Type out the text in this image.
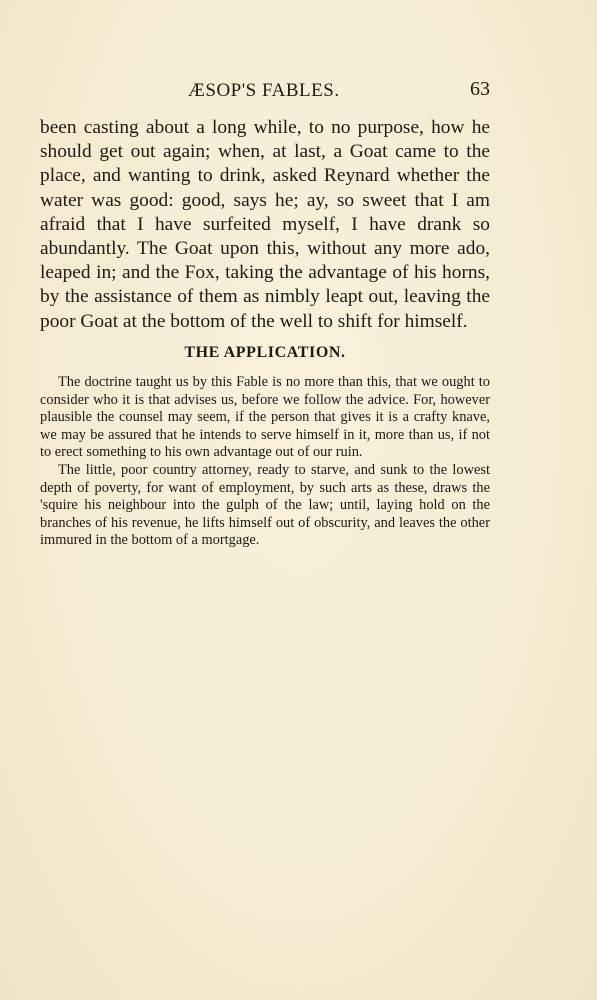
ÆSOP'S FABLES.	63

been casting about a long while, to no purpose, how he should get out again; when, at last, a Goat came to the place, and wanting to drink, asked Reynard whether the water was good: good, says he; ay, so sweet that I am afraid that I have surfeited myself, I have drank so abundantly. The Goat upon this, without any more ado, leaped in; and the Fox, taking the advantage of his horns, by the assistance of them as nimbly leapt out, leaving the poor Goat at the bottom of the well to shift for himself.

THE APPLICATION.

The doctrine taught us by this Fable is no more than this, that we ought to consider who it is that advises us, before we follow the advice. For, however plausible the counsel may seem, if the person that gives it is a crafty knave, we may be assured that he intends to serve himself in it, more than us, if not to erect something to his own advantage out of our ruin.

The little, poor country attorney, ready to starve, and sunk to the lowest depth of poverty, for want of employment, by such arts as these, draws the 'squire his neighbour into the gulph of the law; until, laying hold on the branches of his revenue, he lifts himself out of obscurity, and leaves the other immured in the bottom of a mortgage.
